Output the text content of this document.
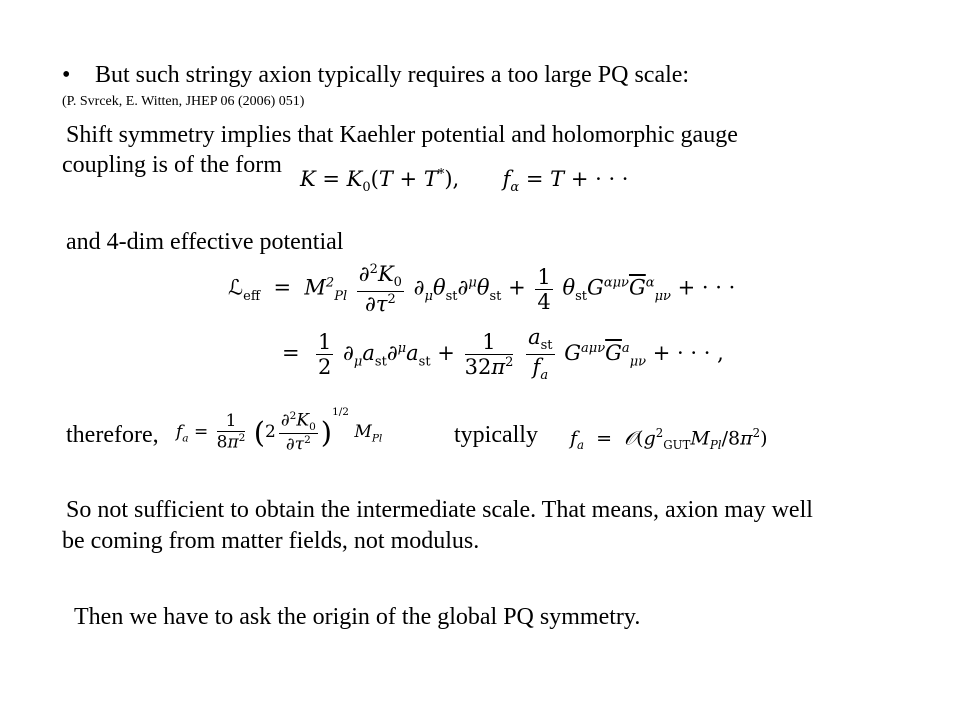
• But such stringy axion typically requires a too large PQ scale:
(P. Svrcek, E. Witten, JHEP 06 (2006) 051)
Shift symmetry implies that Kaehler potential and holomorphic gauge
coupling is of the form
$K = K_0(T + T^*)$,  $f_\alpha = T$ + · · ·
and 4-dim effective potential
ℒ$_{eff}$  =  $M^2_{Pl} \frac{\partial^2K_0}{\partial\tau^2} \partial_\mu\theta_{st}\partial^\mu\theta_{st} + \frac{1}{4} \theta_{st}G^{\alpha\mu\nu}\overline{G}^\alpha_{\mu\nu}$ + · · ·
= $\frac{1}{2} \partial_\mu a_{st}\partial^\mu a_{st} + \frac{1}{32\pi^2}$
$\frac{a_{st}}{f_a} G^{a\mu\nu}\overline{G}^a_{\mu\nu}$ + · · · ,
therefore, $f_a = \frac{1}{8\pi^2} (2 \frac{\partial^2K_0}{\partial\tau^2} )^{1/2}$ $M_{Pl}$	typically $f_a$  =  $𝒪(g^2_{GUT}M_{Pl}/8\pi^2)$
So not sufficient to obtain the intermediate scale. That means, axion may well
be coming from matter fields, not modulus.
Then we have to ask the origin of the global PQ symmetry.
